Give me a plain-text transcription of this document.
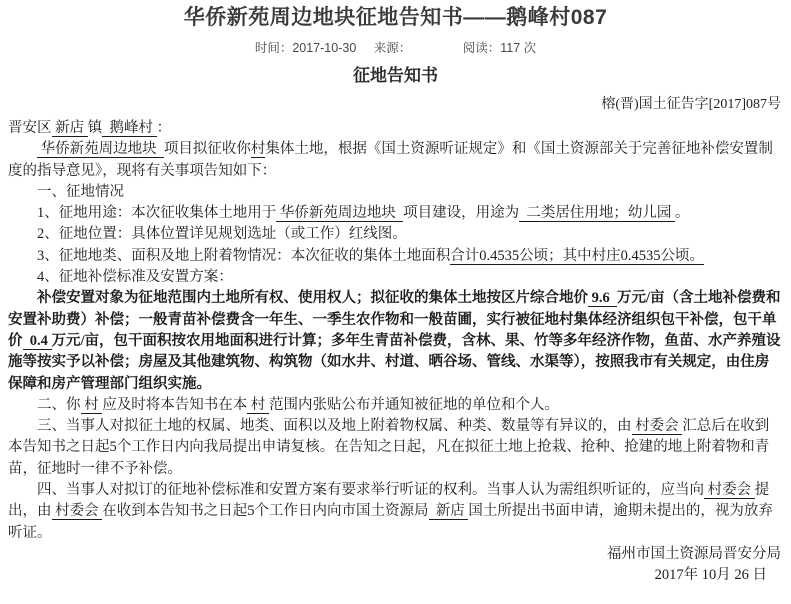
华侨新苑周边地块征地告知书——鹅峰村087
时间：2017-10-30 来源：	阅读：117 次
征地告知书
榕(晋)国土征告字[2017]087号

晋安区 新店 镇  鹅峰村 ：

华侨新苑周边地块  项目拟征收你村集体土地，根据《国土资源听证规定》和《国土资源部关于完善征地补偿安置制度的指导意见》，现将有关事项告知如下：

一、征地情况

1、征地用途：本次征收集体土地用于 华侨新苑周边地块  项目建设，用途为  二类居住用地；幼儿园 。

2、征地位置：具体位置详见规划选址（或工作）红线图。

3、征地地类、面积及地上附着物情况：本次征收的集体土地面积合计0.4535公顷；其中村庄0.4535公顷。

4、征地补偿标准及安置方案：

补偿安置对象为征地范围内土地所有权、使用权人；拟征收的集体土地按区片综合地价 9.6  万元/亩（含土地补偿费和安置补助费）补偿；一般青苗补偿费含一年生、一季生农作物和一般苗圃，实行被征地村集体经济组织包干补偿，包干单价  0.4 万元/亩，包干面积按农用地面积进行计算；多年生青苗补偿费，含林、果、竹等多年经济作物，鱼苗、水产养殖设施等按实予以补偿；房屋及其他建筑物、构筑物（如水井、村道、晒谷场、管线、水渠等），按照我市有关规定，由住房保障和房产管理部门组织实施。

二、你 村 应及时将本告知书在本 村 范围内张贴公布并通知被征地的单位和个人。

三、当事人对拟征土地的权属、地类、面积以及地上附着物权属、种类、数量等有异议的，由 村委会 汇总后在收到本告知书之日起5个工作日内向我局提出申请复核。在告知之日起，凡在拟征土地上抢栽、抢种、抢建的地上附着物和青苗，征地时一律不予补偿。

四、当事人对拟订的征地补偿标准和安置方案有要求举行听证的权利。当事人认为需组织听证的，应当向 村委会 提出，由 村委会 在收到本告知书之日起5个工作日内向市国土资源局  新店 国土所提出书面申请，逾期未提出的，视为放弃听证。

福州市国土资源局晋安分局
2017年 10月 26 日
